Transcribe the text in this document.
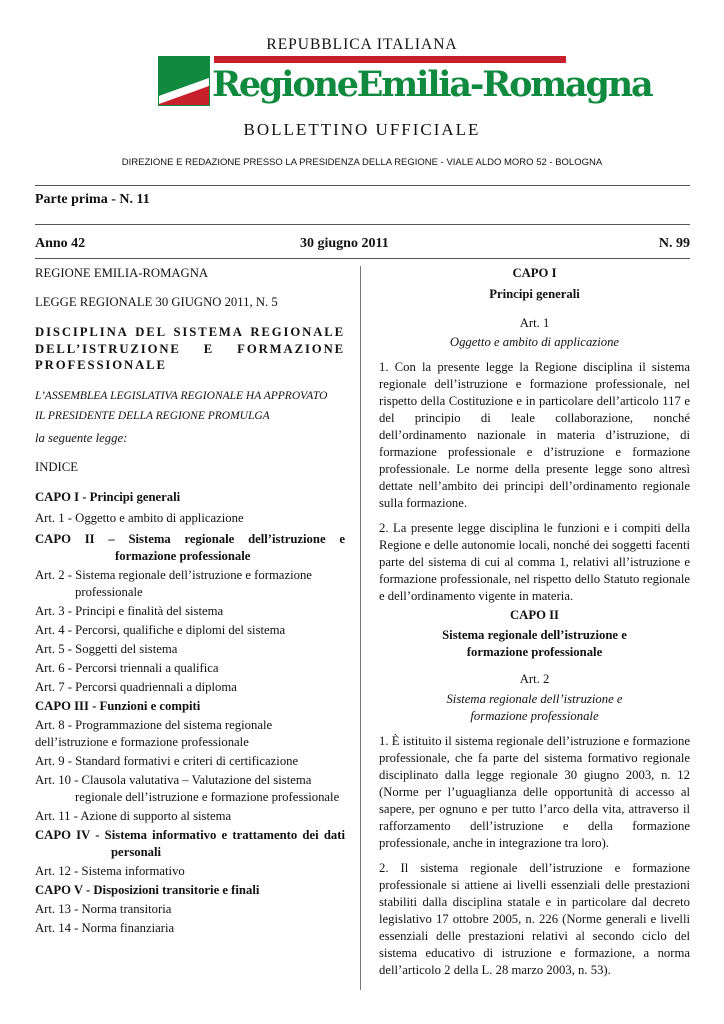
REPUBBLICA ITALIANA
RegioneEmilia-Romagna
BOLLETTINO UFFICIALE
DIREZIONE E REDAZIONE PRESSO LA PRESIDENZA DELLA REGIONE - VIALE ALDO MORO 52 - BOLOGNA
Parte prima - N. 11
Anno 42	30 giugno 2011	N. 99

REGIONE EMILIA-ROMAGNA

LEGGE REGIONALE 30 GIUGNO 2011, N. 5

DISCIPLINA DEL SISTEMA REGIONALE DELL’ISTRUZIONE E FORMAZIONE PROFESSIONALE

L’ASSEMBLEA LEGISLATIVA REGIONALE HA APPROVATO

IL PRESIDENTE DELLA REGIONE PROMULGA

la seguente legge:

INDICE

CAPO I - Principi generali

Art. 1 - Oggetto e ambito di applicazione

CAPO II – Sistema regionale dell’istruzione e formazione professionale

Art. 2 - Sistema regionale dell’istruzione e formazione professionale

Art. 3 - Principi e finalità del sistema

Art. 4 - Percorsi, qualifiche e diplomi del sistema

Art. 5 - Soggetti del sistema

Art. 6 - Percorsi triennali a qualifica

Art. 7 - Percorsi quadriennali a diploma

CAPO III - Funzioni e compiti

Art. 8 - Programmazione del sistema regionale dell’istruzione e formazione professionale

Art. 9 - Standard formativi e criteri di certificazione

Art. 10 - Clausola valutativa – Valutazione del sistema regionale dell’istruzione e formazione professionale

Art. 11 - Azione di supporto al sistema

CAPO IV - Sistema informativo e trattamento dei dati personali

Art. 12 - Sistema informativo

CAPO V - Disposizioni transitorie e finali

Art. 13 - Norma transitoria

Art. 14 - Norma finanziaria

CAPO I

Principi generali

Art. 1

Oggetto e ambito di applicazione

1. Con la presente legge la Regione disciplina il sistema regionale dell’istruzione e formazione professionale, nel rispetto della Costituzione e in particolare dell’articolo 117 e del principio di leale collaborazione, nonché dell’ordinamento nazionale in materia d’istruzione, di formazione professionale e d’istruzione e formazione professionale. Le norme della presente legge sono altresì dettate nell’ambito dei principi dell’ordinamento regionale sulla formazione.

2. La presente legge disciplina le funzioni e i compiti della Regione e delle autonomie locali, nonché dei soggetti facenti parte del sistema di cui al comma 1, relativi all’istruzione e formazione professionale, nel rispetto dello Statuto regionale e dell’ordinamento vigente in materia.

CAPO II

Sistema regionale dell’istruzione e formazione professionale

Art. 2

Sistema regionale dell’istruzione e formazione professionale

1. È istituito il sistema regionale dell’istruzione e formazione professionale, che fa parte del sistema formativo regionale disciplinato dalla legge regionale 30 giugno 2003, n. 12 (Norme per l’uguaglianza delle opportunità di accesso al sapere, per ognuno e per tutto l’arco della vita, attraverso il rafforzamento dell’istruzione e della formazione professionale, anche in integrazione tra loro).

2. Il sistema regionale dell’istruzione e formazione professionale si attiene ai livelli essenziali delle prestazioni stabiliti dalla disciplina statale e in particolare dal decreto legislativo 17 ottobre 2005, n. 226 (Norme generali e livelli essenziali delle prestazioni relativi al secondo ciclo del sistema educativo di istruzione e formazione, a norma dell’articolo 2 della L. 28 marzo 2003, n. 53).
